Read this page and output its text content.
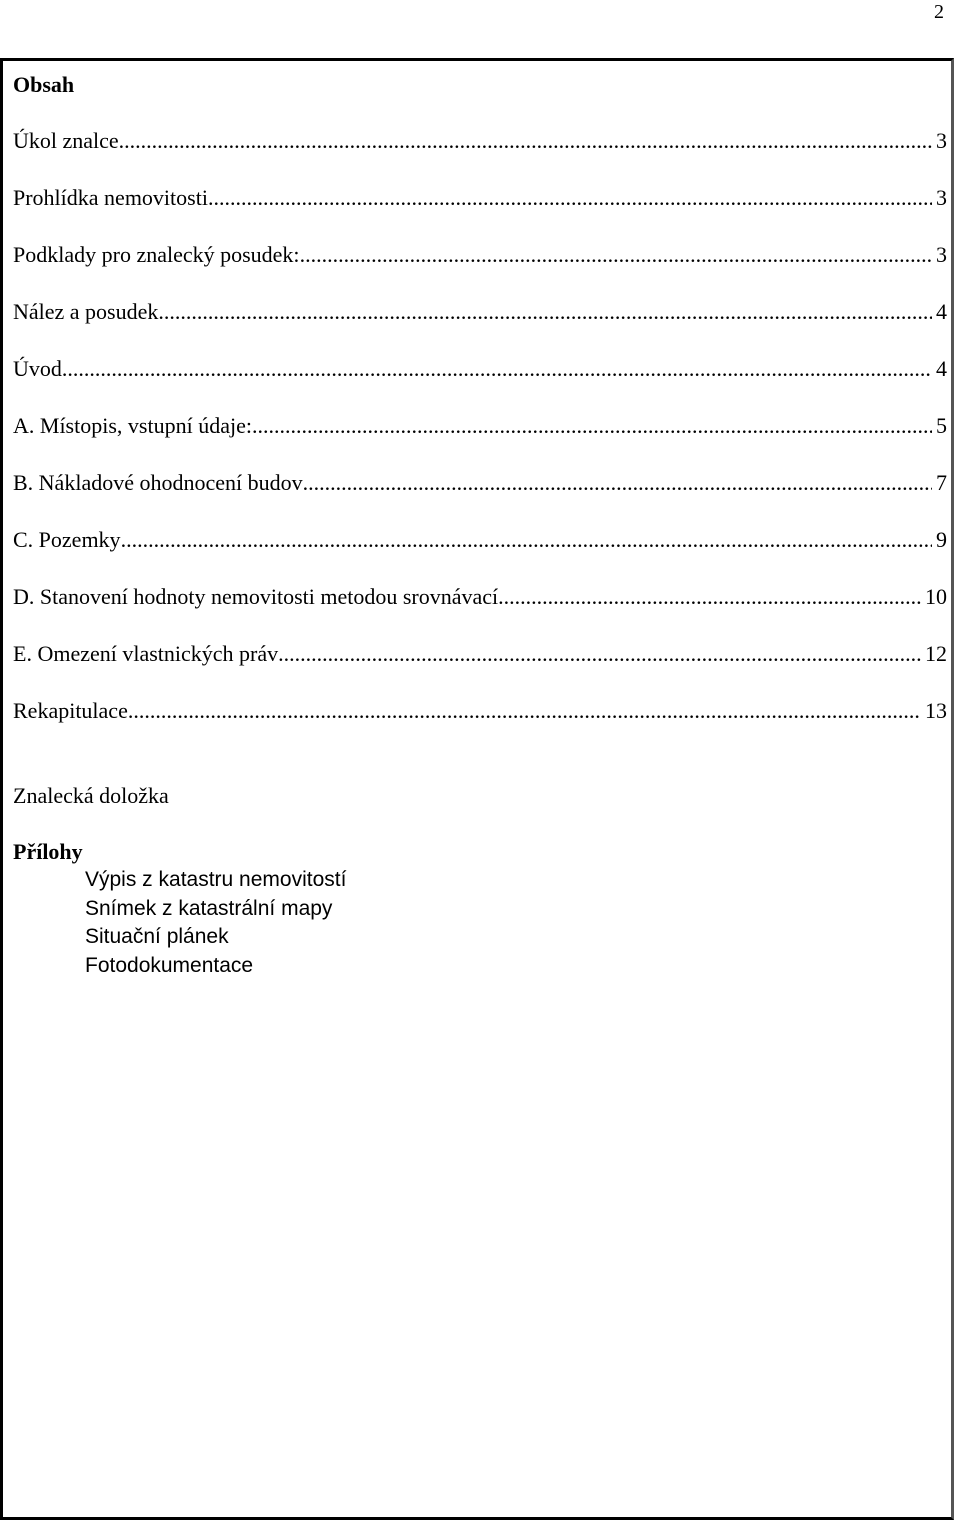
2
Obsah
Úkol znalce .....	3
Prohlídka nemovitosti .....	3
Podklady pro znalecký posudek: .....	3
Nález a posudek .....	4
Úvod .....	4
A. Místopis, vstupní údaje: .....	5
B. Nákladové ohodnocení budov .....	7
C. Pozemky .....	9
D. Stanovení hodnoty nemovitosti metodou srovnávací .....	10
E. Omezení vlastnických práv .....	12
Rekapitulace .....	13
Znalecká doložka
Přílohy
Výpis z katastru nemovitostí
Snímek z katastrální mapy
Situační plánek
Fotodokumentace
